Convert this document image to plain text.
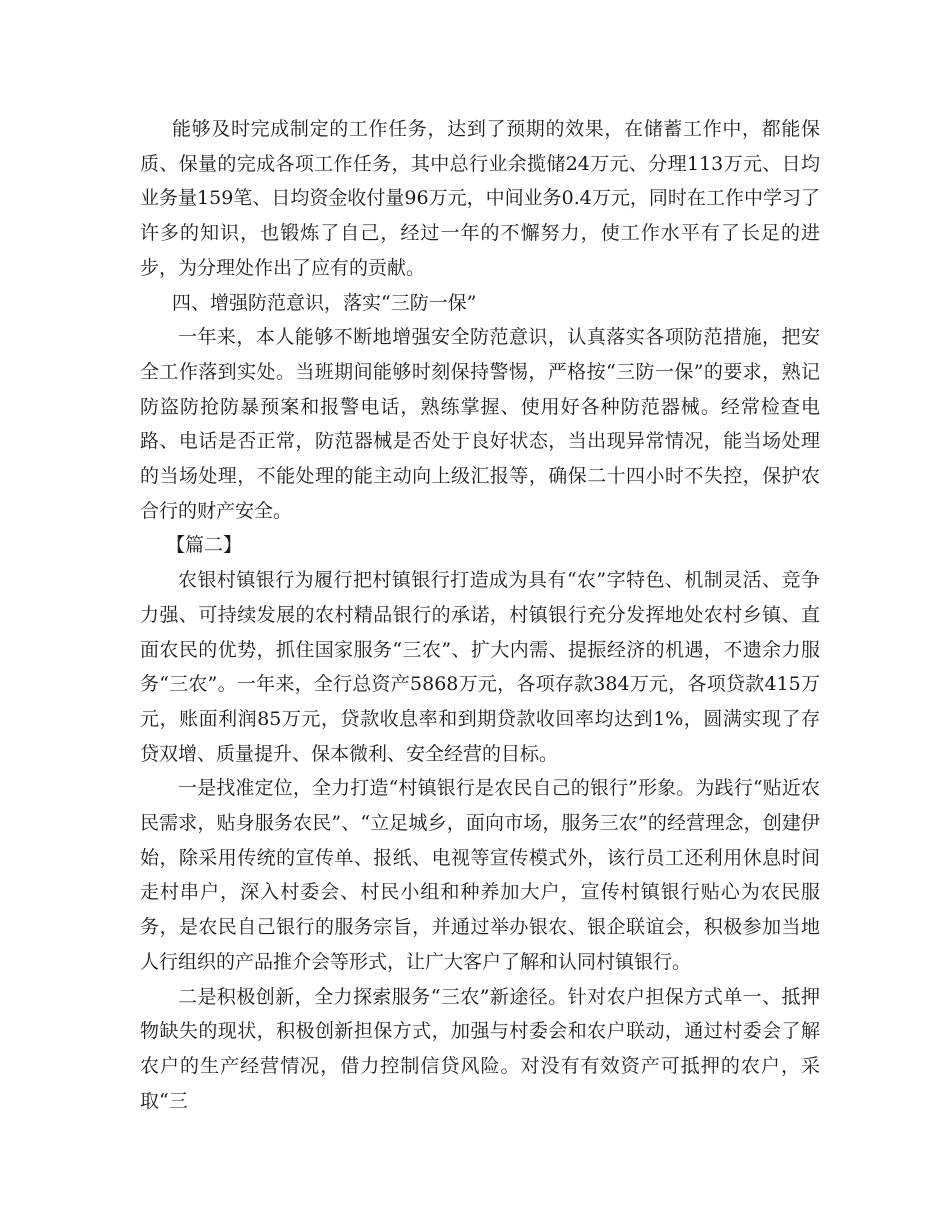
能够及时完成制定的工作任务，达到了预期的效果，在储蓄工作中，都能保质、保量的完成各项工作任务，其中总行业余揽储24万元、分理113万元、日均业务量159笔、日均资金收付量96万元，中间业务0.4万元，同时在工作中学习了许多的知识，也锻炼了自己，经过一年的不懈努力，使工作水平有了长足的进步，为分理处作出了应有的贡献。

四、增强防范意识，落实“三防一保”

一年来，本人能够不断地增强安全防范意识，认真落实各项防范措施，把安全工作落到实处。当班期间能够时刻保持警惕，严格按“三防一保”的要求，熟记防盗防抢防暴预案和报警电话，熟练掌握、使用好各种防范器械。经常检查电路、电话是否正常，防范器械是否处于良好状态，当出现异常情况，能当场处理的当场处理，不能处理的能主动向上级汇报等，确保二十四小时不失控，保护农合行的财产安全。

【篇二】

农银村镇银行为履行把村镇银行打造成为具有“农”字特色、机制灵活、竞争力强、可持续发展的农村精品银行的承诺，村镇银行充分发挥地处农村乡镇、直面农民的优势，抓住国家服务“三农”、扩大内需、提振经济的机遇，不遗余力服务“三农”。一年来，全行总资产5868万元，各项存款384万元，各项贷款415万元，账面利润85万元，贷款收息率和到期贷款收回率均达到1%，圆满实现了存贷双增、质量提升、保本微利、安全经营的目标。

一是找准定位，全力打造“村镇银行是农民自己的银行”形象。为践行“贴近农民需求，贴身服务农民”、“立足城乡，面向市场，服务三农”的经营理念，创建伊始，除采用传统的宣传单、报纸、电视等宣传模式外，该行员工还利用休息时间走村串户，深入村委会、村民小组和种养加大户，宣传村镇银行贴心为农民服务，是农民自己银行的服务宗旨，并通过举办银农、银企联谊会，积极参加当地人行组织的产品推介会等形式，让广大客户了解和认同村镇银行。

二是积极创新，全力探索服务“三农”新途径。针对农户担保方式单一、抵押物缺失的现状，积极创新担保方式，加强与村委会和农户联动，通过村委会了解农户的生产经营情况，借力控制信贷风险。对没有有效资产可抵押的农户，采取“三
